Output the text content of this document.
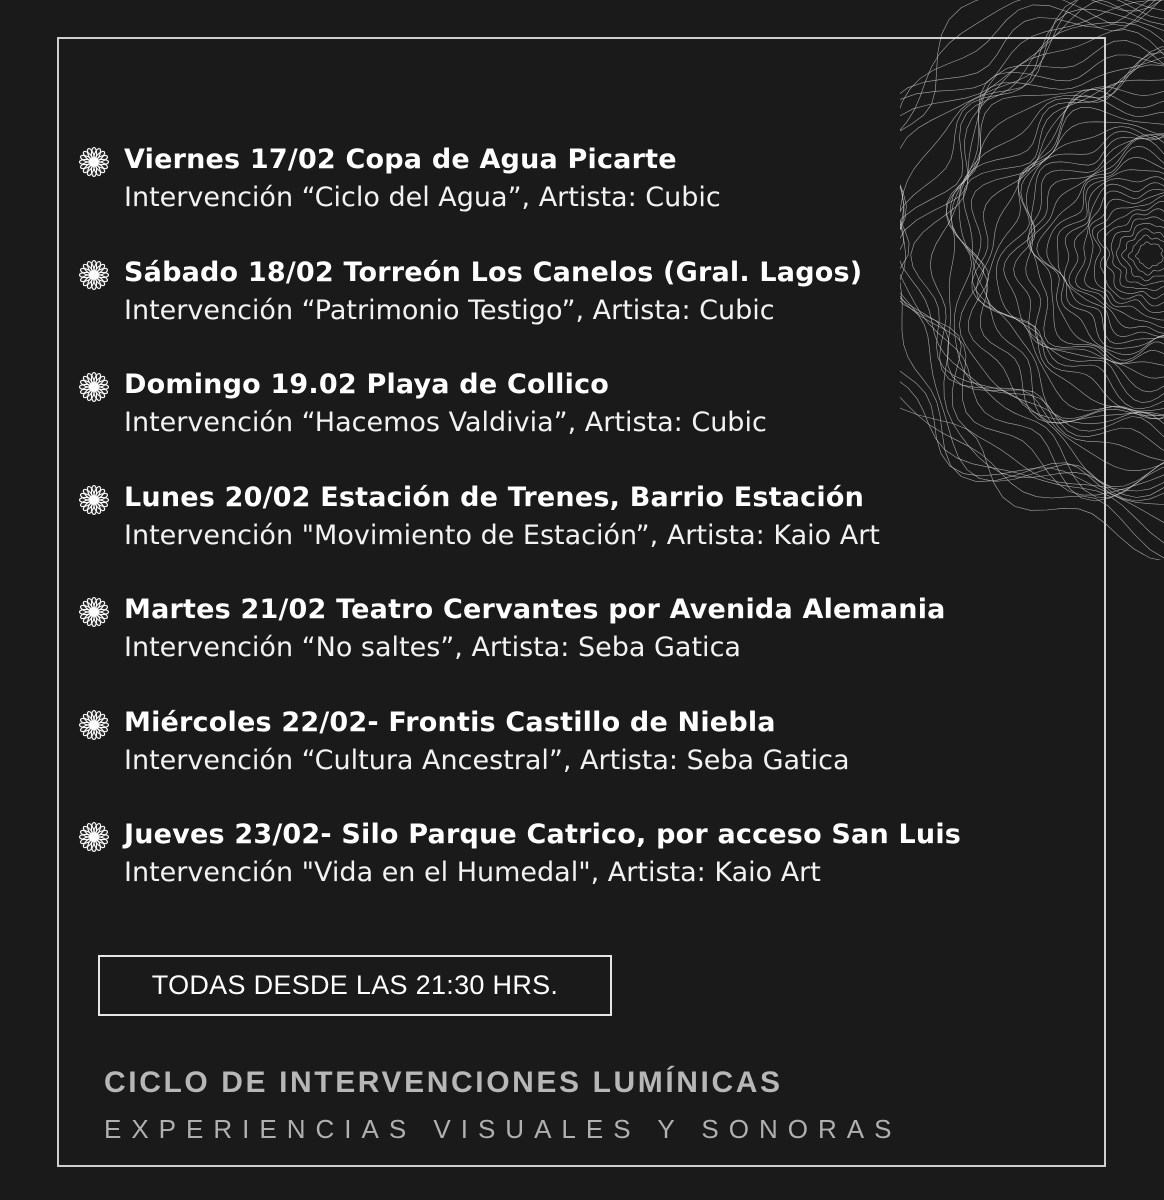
Viernes 17/02 Copa de Agua Picarte
Intervención “Ciclo del Agua”, Artista: Cubic
Sábado 18/02 Torreón Los Canelos (Gral. Lagos)
Intervención “Patrimonio Testigo”, Artista: Cubic
Domingo 19.02 Playa de Collico
Intervención “Hacemos Valdivia”, Artista: Cubic
Lunes 20/02 Estación de Trenes, Barrio Estación
Intervención "Movimiento de Estación”, Artista: Kaio Art
Martes 21/02 Teatro Cervantes por Avenida Alemania
Intervención “No saltes”, Artista: Seba Gatica
Miércoles 22/02- Frontis Castillo de Niebla
Intervención “Cultura Ancestral”, Artista: Seba Gatica
Jueves 23/02- Silo Parque Catrico, por acceso San Luis
Intervención "Vida en el Humedal", Artista: Kaio Art
TODAS DESDE LAS 21:30 HRS.
CICLO DE INTERVENCIONES LUMÍNICAS
EXPERIENCIAS VISUALES Y SONORAS
